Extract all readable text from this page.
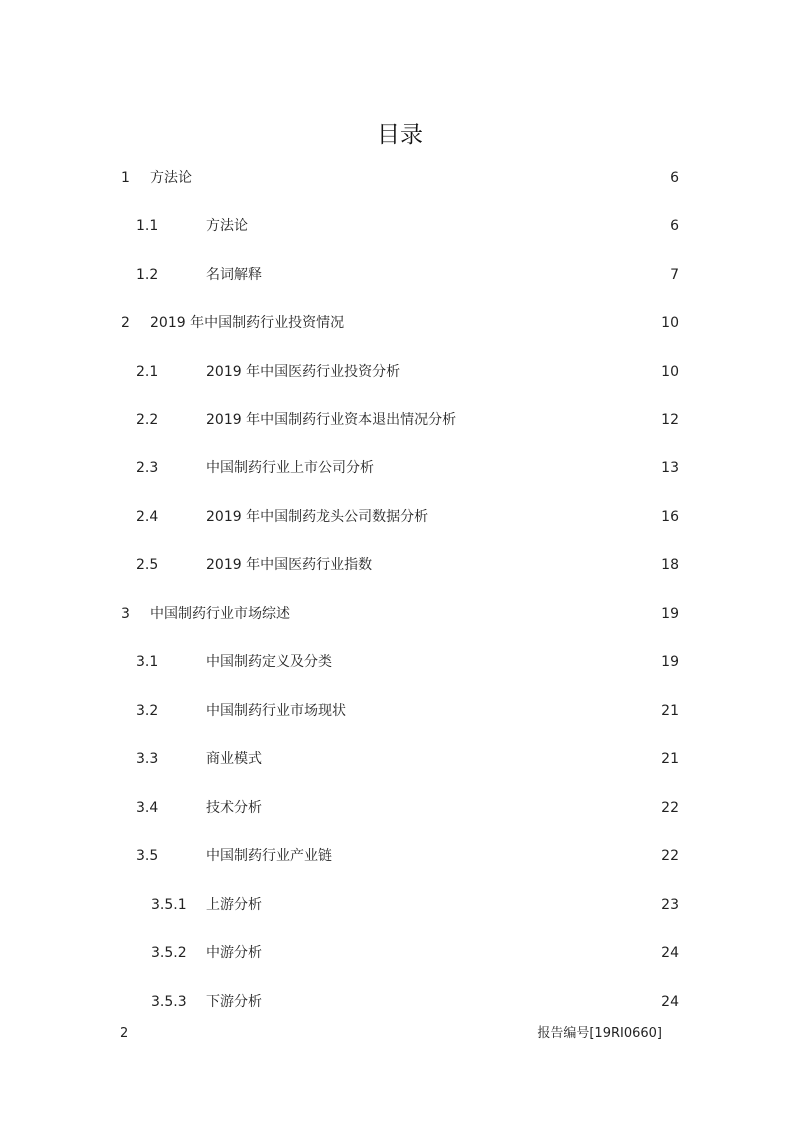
目录
1 方法论	6
1.1	方法论	6
1.2	名词解释	7
2 2019 年中国制药行业投资情况	10
2.1	2019 年中国医药行业投资分析	10
2.2	2019 年中国制药行业资本退出情况分析	12
2.3	中国制药行业上市公司分析	13
2.4	2019 年中国制药龙头公司数据分析	16
2.5	2019 年中国医药行业指数	18
3 中国制药行业市场综述	19
3.1	中国制药定义及分类	19
3.2	中国制药行业市场现状	21
3.3	商业模式	21
3.4	技术分析	22
3.5	中国制药行业产业链	22
3.5.1 上游分析	23
3.5.2 中游分析	24
3.5.3 下游分析	24
2	报告编号[19RI0660]
